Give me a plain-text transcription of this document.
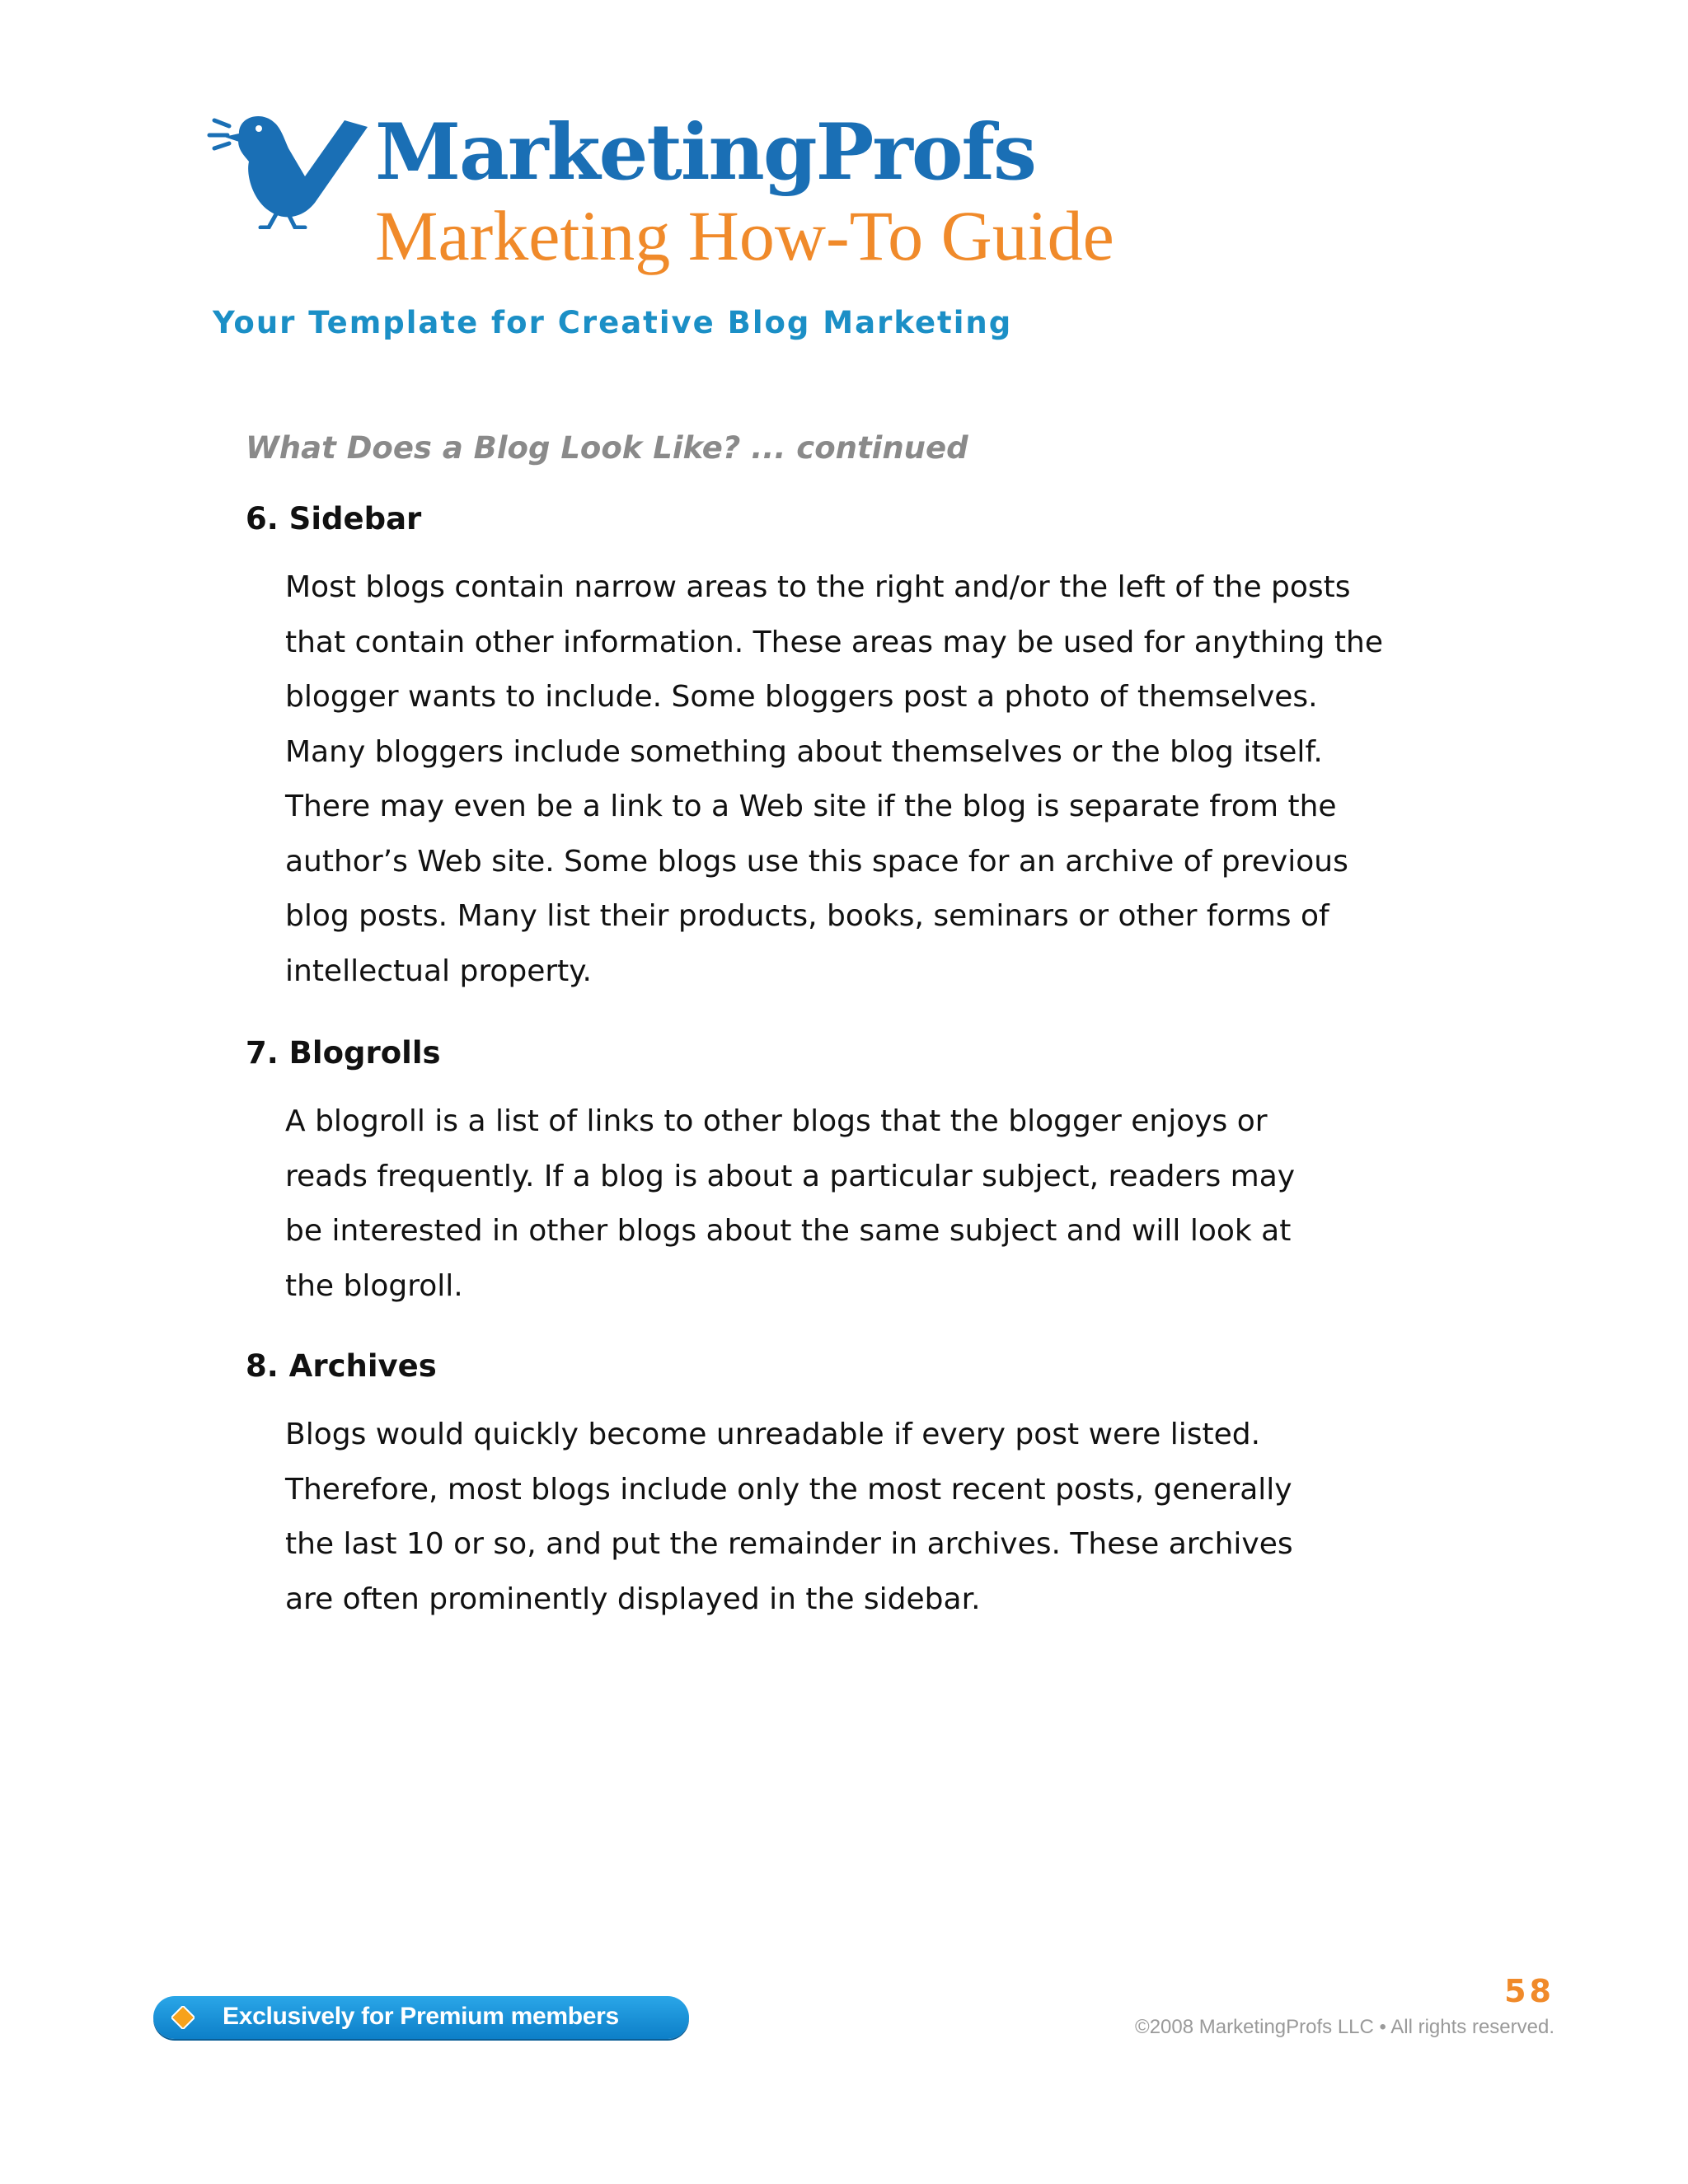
MarketingProfs
Marketing How-To Guide
Your Template for Creative Blog Marketing
What Does a Blog Look Like? ... continued
6. Sidebar
Most blogs contain narrow areas to the right and/or the left of the posts
that contain other information. These areas may be used for anything the
blogger wants to include. Some bloggers post a photo of themselves.
Many bloggers include something about themselves or the blog itself.
There may even be a link to a Web site if the blog is separate from the
author’s Web site. Some blogs use this space for an archive of previous
blog posts. Many list their products, books, seminars or other forms of
intellectual property.
7. Blogrolls
A blogroll is a list of links to other blogs that the blogger enjoys or
reads frequently. If a blog is about a particular subject, readers may
be interested in other blogs about the same subject and will look at
the blogroll.
8. Archives
Blogs would quickly become unreadable if every post were listed.
Therefore, most blogs include only the most recent posts, generally
the last 10 or so, and put the remainder in archives. These archives
are often prominently displayed in the sidebar.
Exclusively for Premium members
58
©2008 MarketingProfs LLC • All rights reserved.
